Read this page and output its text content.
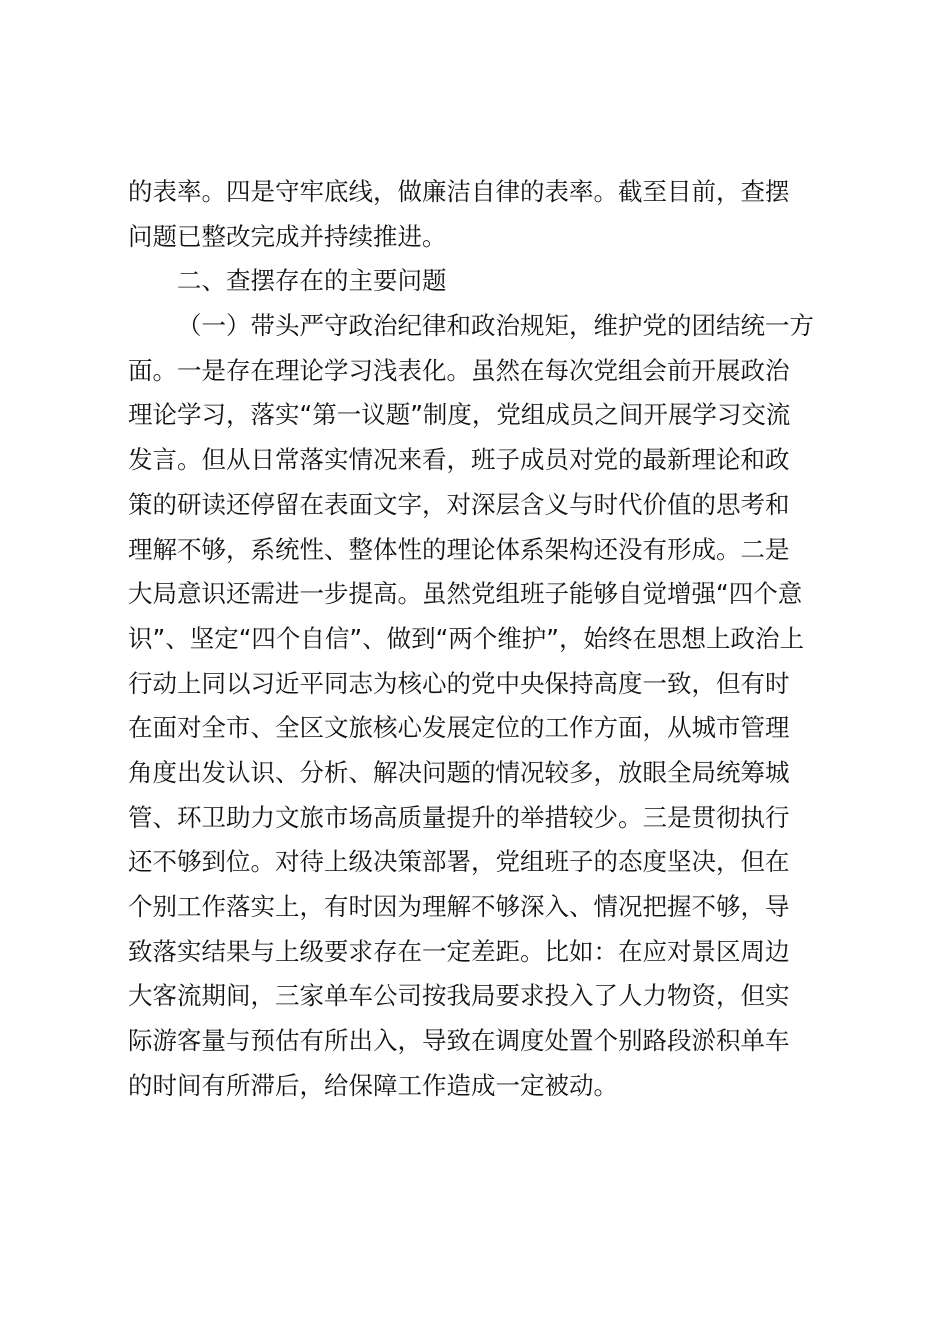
的表率。四是守牢底线，做廉洁自律的表率。截至目前，查摆
问题已整改完成并持续推进。
二、查摆存在的主要问题
（一）带头严守政治纪律和政治规矩，维护党的团结统一方
面。一是存在理论学习浅表化。虽然在每次党组会前开展政治
理论学习，落实“第一议题”制度，党组成员之间开展学习交流
发言。但从日常落实情况来看，班子成员对党的最新理论和政
策的研读还停留在表面文字，对深层含义与时代价值的思考和
理解不够，系统性、整体性的理论体系架构还没有形成。二是
大局意识还需进一步提高。虽然党组班子能够自觉增强“四个意
识”、坚定“四个自信”、做到“两个维护”，始终在思想上政治上
行动上同以习近平同志为核心的党中央保持高度一致，但有时
在面对全市、全区文旅核心发展定位的工作方面，从城市管理
角度出发认识、分析、解决问题的情况较多，放眼全局统筹城
管、环卫助力文旅市场高质量提升的举措较少。三是贯彻执行
还不够到位。对待上级决策部署，党组班子的态度坚决，但在
个别工作落实上，有时因为理解不够深入、情况把握不够，导
致落实结果与上级要求存在一定差距。比如：在应对景区周边
大客流期间，三家单车公司按我局要求投入了人力物资，但实
际游客量与预估有所出入，导致在调度处置个别路段淤积单车
的时间有所滞后，给保障工作造成一定被动。
